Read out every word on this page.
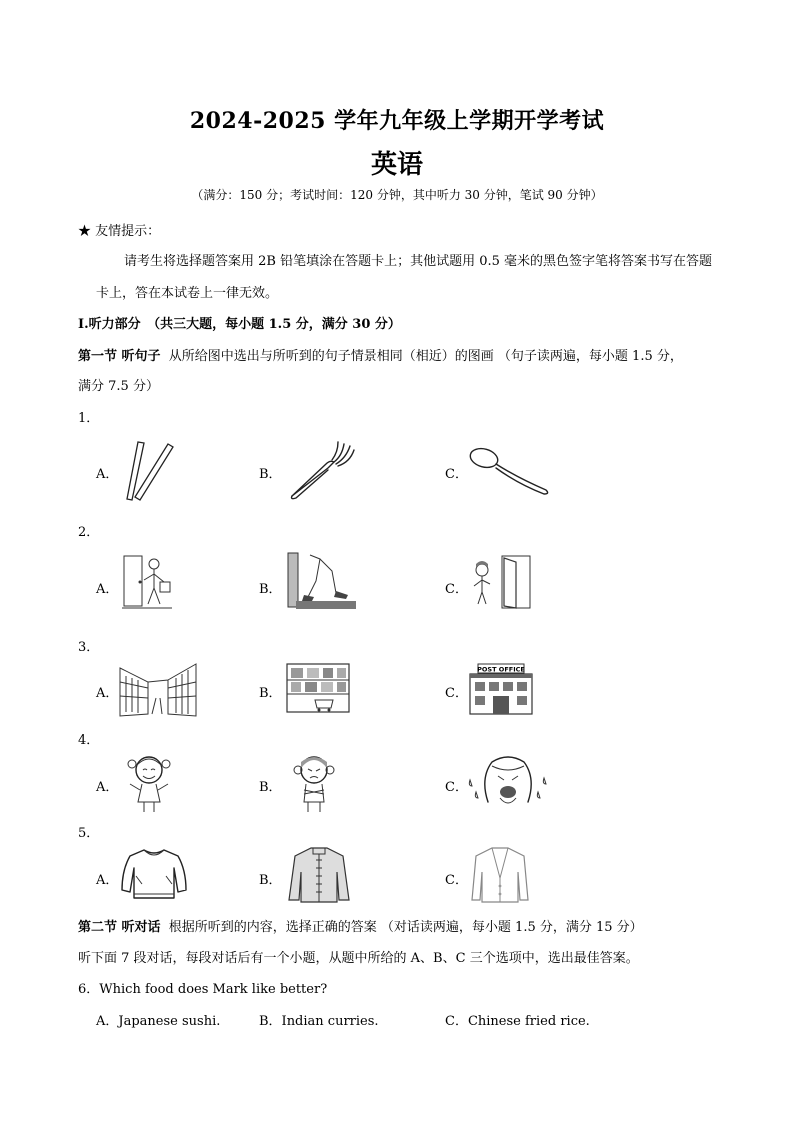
2024-2025 学年九年级上学期开学考试
英语
（满分：150 分；考试时间：120 分钟，其中听力 30 分钟，笔试 90 分钟）
★ 友情提示：
请考生将选择题答案用 2B 铅笔填涂在答题卡上；其他试题用 0.5 毫米的黑色签字笔将答案书写在答题
卡上，答在本试卷上一律无效。
I.听力部分　（共三大题，每小题 1.5 分，满分 30 分）
第一节 听句子 从所给图中选出与所听到的句子情景相同（相近）的图画 （句子读两遍，每小题 1.5 分，
满分 7.5 分）
1．
A．	B．	C．
2．
A．	B．	C．
3．
A．	B．	C．
POST OFFICE
4．
A．	B．	C．
5．
A．	B．	C．
第二节 听对话 根据所听到的内容，选择正确的答案 （对话读两遍，每小题 1.5 分，满分 15 分）
听下面 7 段对话，每段对话后有一个小题，从题中所给的 A、B、C 三个选项中，选出最佳答案。
6．Which food does Mark like better?
A．Japanese sushi.	B．Indian curries.	C．Chinese fried rice.
